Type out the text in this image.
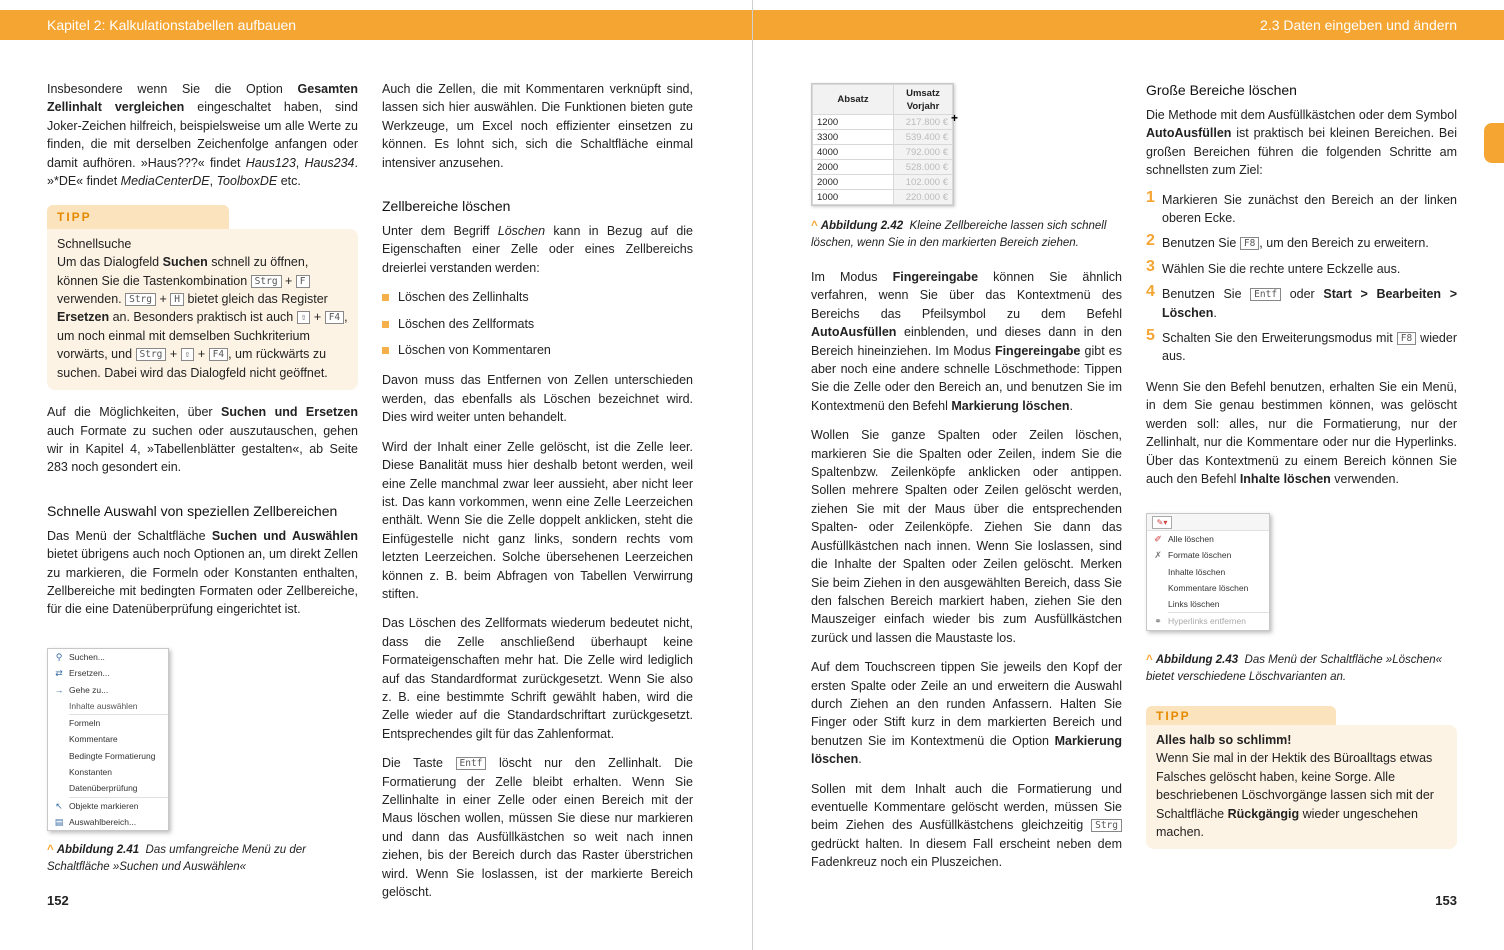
Kapitel 2: Kalkulationstabellen aufbauen

Insbesondere wenn Sie die Option Gesamten Zellinhalt vergleichen eingeschaltet haben, sind Joker-Zeichen hilfreich, beispielsweise um alle Werte zu finden, die mit derselben Zeichenfolge anfangen oder damit aufhören. »Haus???« findet Haus123, Haus234. »*DE« findet MediaCenterDE, ToolboxDE etc.

TIPP
Schnellsuche
Um das Dialogfeld Suchen schnell zu öffnen, können Sie die Tastenkombination Strg + F verwenden. Strg + H bietet gleich das Register Ersetzen an. Besonders praktisch ist auch ⇧ + F4 , um noch einmal mit demselben Suchkriterium vorwärts, und Strg + ⇧ + F4 , um rückwärts zu suchen. Dabei wird das Dialogfeld nicht geöffnet.

Auf die Möglichkeiten, über Suchen und Ersetzen auch Formate zu suchen oder auszutauschen, gehen wir in Kapitel 4, »Tabellenblätter gestalten«, ab Seite 283 noch gesondert ein.

Schnelle Auswahl von speziellen Zellbereichen

Das Menü der Schaltfläche Suchen und Auswählen bietet übrigens auch noch Optionen an, um direkt Zellen zu markieren, die Formeln oder Konstanten enthalten, Zellbereiche mit bedingten Formaten oder Zellbereiche, für die eine Datenüberprüfung eingerichtet ist.

⚲ Suchen...
⇄ Ersetzen...
→ Gehe zu...
Inhalte auswählen
Formeln
Kommentare
Bedingte Formatierung
Konstanten
Datenüberprüfung
↖ Objekte markieren
▤ Auswahlbereich...
^ Abbildung 2.41 Das umfangreiche Menü zu der Schaltfläche »Suchen und Auswählen«

Auch die Zellen, die mit Kommentaren verknüpft sind, lassen sich hier auswählen. Die Funktionen bieten gute Werkzeuge, um Excel noch effizienter einsetzen zu können. Es lohnt sich, sich die Schaltfläche einmal intensiver anzusehen.

Zellbereiche löschen

Unter dem Begriff Löschen kann in Bezug auf die Eigenschaften einer Zelle oder eines Zellbereichs dreierlei verstanden werden:

Löschen des Zellinhalts
Löschen des Zellformats
Löschen von Kommentaren

Davon muss das Entfernen von Zellen unterschieden werden, das ebenfalls als Löschen bezeichnet wird. Dies wird weiter unten behandelt.

Wird der Inhalt einer Zelle gelöscht, ist die Zelle leer. Diese Banalität muss hier deshalb betont werden, weil eine Zelle manchmal zwar leer aussieht, aber nicht leer ist. Das kann vorkommen, wenn eine Zelle Leerzeichen enthält. Wenn Sie die Zelle doppelt anklicken, steht die Einfügestelle nicht ganz links, sondern rechts vom letzten Leerzeichen. Solche übersehenen Leerzeichen können z. B. beim Abfragen von Tabellen Verwirrung stiften.

Das Löschen des Zellformats wiederum bedeutet nicht, dass die Zelle anschließend überhaupt keine Formateigenschaften mehr hat. Die Zelle wird lediglich auf das Standardformat zurückgesetzt. Wenn Sie also z. B. eine bestimmte Schrift gewählt haben, wird die Zelle wieder auf die Standardschriftart zurückgesetzt. Entsprechendes gilt für das Zahlenformat.

Die Taste Entf löscht nur den Zellinhalt. Die Formatierung der Zelle bleibt erhalten. Wenn Sie Zellinhalte in einer Zelle oder einen Bereich mit der Maus löschen wollen, müssen Sie diese nur markieren und dann das Ausfüllkästchen so weit nach innen ziehen, bis der Bereich durch das Raster überstrichen wird. Wenn Sie loslassen, ist der markierte Bereich gelöscht.

152
2.3 Daten eingeben und ändern
Absatz	Umsatz Vorjahr
1200	217.800 € +

3300	539.400 €
4000	792.000 €
2000	528.000 €
2000	102.000 €
1000	220.000 €
^ Abbildung 2.42 Kleine Zellbereiche lassen sich schnell löschen, wenn Sie in den markierten Bereich ziehen.

Im Modus Fingereingabe können Sie ähnlich verfahren, wenn Sie über das Kontextmenü des Bereichs das Pfeilsymbol zu dem Befehl AutoAusfüllen einblenden, und dieses dann in den Bereich hineinziehen. Im Modus Fingereingabe gibt es aber noch eine andere schnelle Löschmethode: Tippen Sie die Zelle oder den Bereich an, und benutzen Sie im Kontextmenü den Befehl Markierung löschen.

Wollen Sie ganze Spalten oder Zeilen löschen, markieren Sie die Spalten oder Zeilen, indem Sie die Spaltenbzw. Zeilenköpfe anklicken oder antippen. Sollen mehrere Spalten oder Zeilen gelöscht werden, ziehen Sie mit der Maus über die entsprechenden Spalten- oder Zeilenköpfe. Ziehen Sie dann das Ausfüllkästchen nach innen. Wenn Sie loslassen, sind die Inhalte der Spalten oder Zeilen gelöscht. Merken Sie beim Ziehen in den ausgewählten Bereich, dass Sie den falschen Bereich markiert haben, ziehen Sie den Mauszeiger einfach wieder bis zum Ausfüllkästchen zurück und lassen die Maustaste los.

Auf dem Touchscreen tippen Sie jeweils den Kopf der ersten Spalte oder Zeile an und erweitern die Auswahl durch Ziehen an den runden Anfassern. Halten Sie Finger oder Stift kurz in dem markierten Bereich und benutzen Sie im Kontextmenü die Option Markierung löschen.

Sollen mit dem Inhalt auch die Formatierung und eventuelle Kommentare gelöscht werden, müssen Sie beim Ziehen des Ausfüllkästchens gleichzeitig Strg gedrückt halten. In diesem Fall erscheint neben dem Fadenkreuz noch ein Pluszeichen.

Große Bereiche löschen

Die Methode mit dem Ausfüllkästchen oder dem Symbol AutoAusfüllen ist praktisch bei kleinen Bereichen. Bei großen Bereichen führen die folgenden Schritte am schnellsten zum Ziel:

1 Markieren Sie zunächst den Bereich an der linken oberen Ecke.
2 Benutzen Sie F8 , um den Bereich zu erweitern.
3 Wählen Sie die rechte untere Eckzelle aus.
4 Benutzen Sie Entf oder Start > Bearbeiten > Löschen.
5 Schalten Sie den Erweiterungsmodus mit F8 wieder aus.

Wenn Sie den Befehl benutzen, erhalten Sie ein Menü, in dem Sie genau bestimmen können, was gelöscht werden soll: alles, nur die Formatierung, nur der Zellinhalt, nur die Kommentare oder nur die Hyperlinks. Über das Kontextmenü zu einem Bereich können Sie auch den Befehl Inhalte löschen verwenden.

✎▾
✐ Alle löschen
✗ Formate löschen
Inhalte löschen
Kommentare löschen
Links löschen
⚭ Hyperlinks entfernen
^ Abbildung 2.43 Das Menü der Schaltfläche »Löschen« bietet verschiedene Löschvarianten an.
TIPP
Alles halb so schlimm!
Wenn Sie mal in der Hektik des Büroalltags etwas Falsches gelöscht haben, keine Sorge. Alle beschriebenen Löschvorgänge lassen sich mit der Schaltfläche Rückgängig wieder ungeschehen machen.
153
